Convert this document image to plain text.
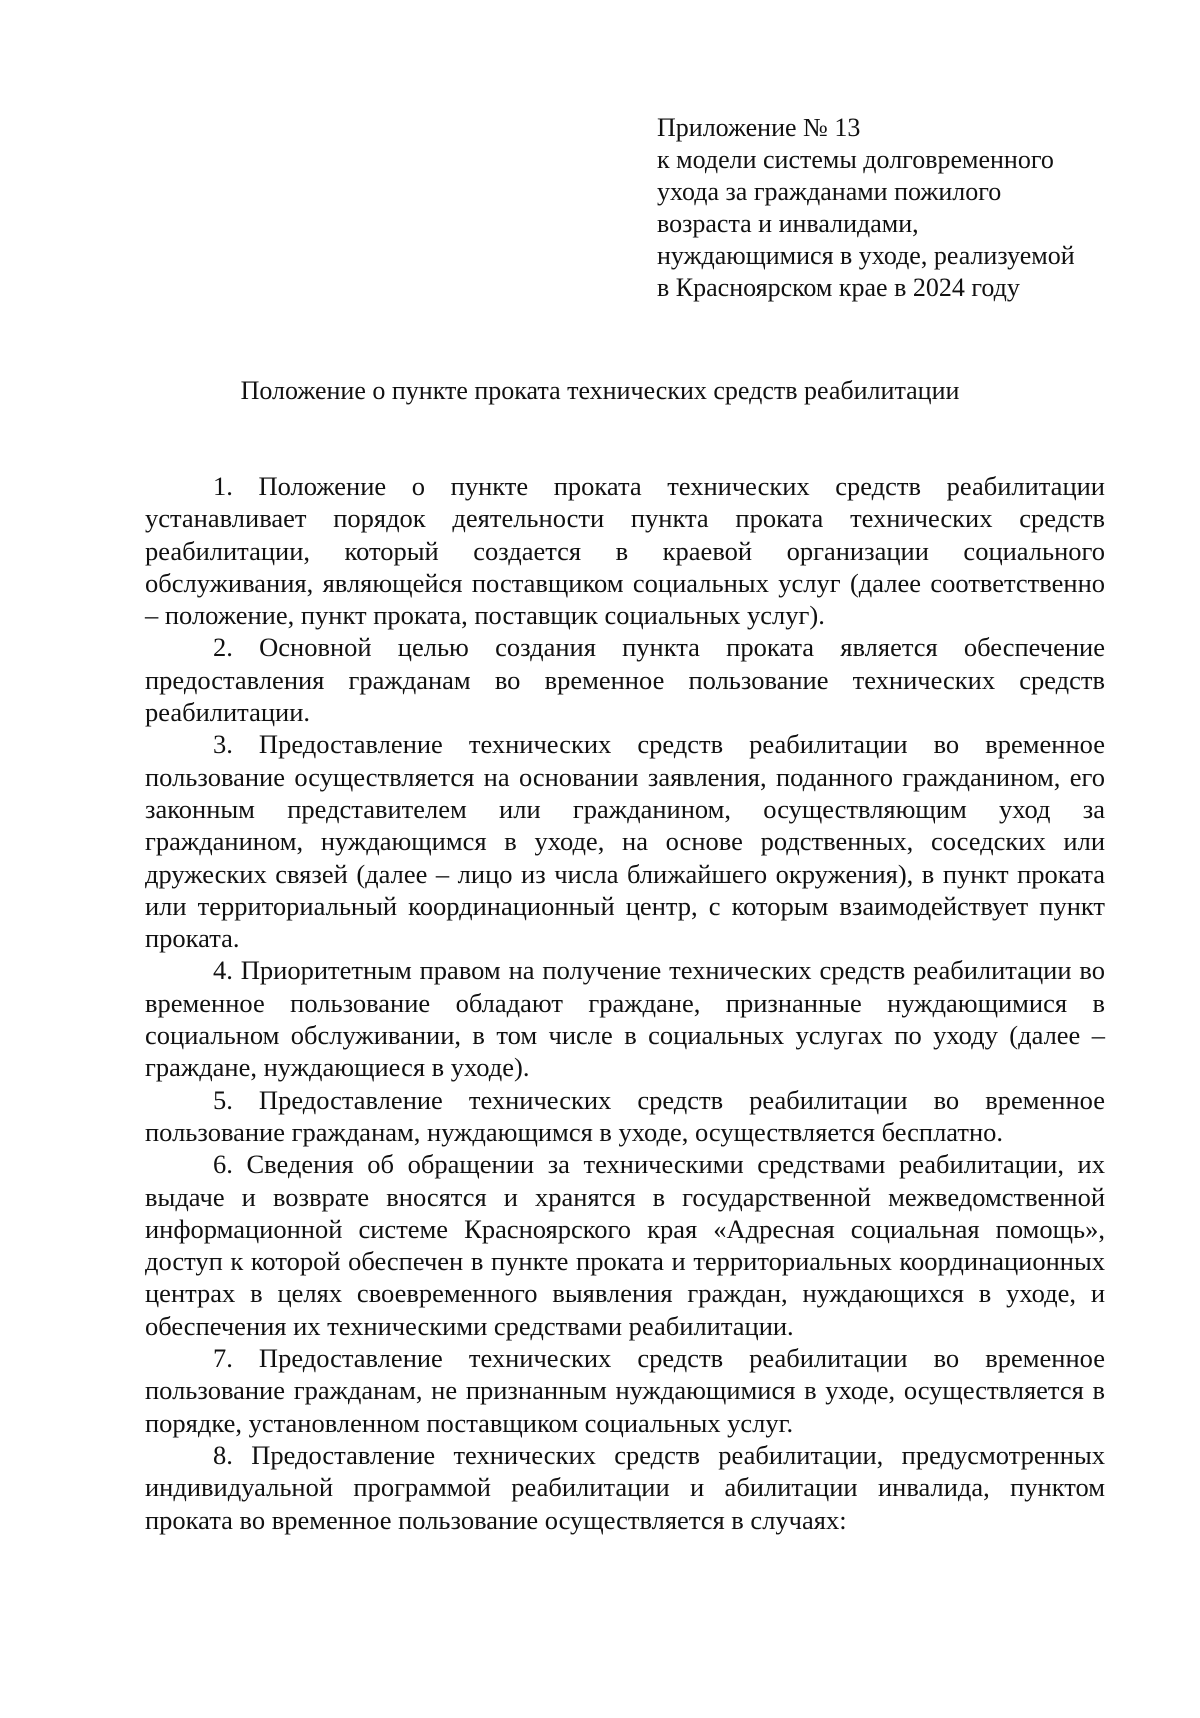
Приложение № 13
к модели системы долговременного
ухода за гражданами пожилого
возраста и инвалидами,
нуждающимися в уходе, реализуемой
в Красноярском крае в 2024 году
Положение о пункте проката технических средств реабилитации

1. Положение о пункте проката технических средств реабилитации устанавливает порядок деятельности пункта проката технических средств реабилитации, который создается в краевой организации социального обслуживания, являющейся поставщиком социальных услуг (далее соответственно – положение, пункт проката, поставщик социальных услуг).

2. Основной целью создания пункта проката является обеспечение предоставления гражданам во временное пользование технических средств реабилитации.

3. Предоставление технических средств реабилитации во временное пользование осуществляется на основании заявления, поданного гражданином, его законным представителем или гражданином, осуществляющим уход за гражданином, нуждающимся в уходе, на основе родственных, соседских или дружеских связей (далее – лицо из числа ближайшего окружения), в пункт проката или территориальный координационный центр, с которым взаимодействует пункт проката.

4. Приоритетным правом на получение технических средств реабилитации во временное пользование обладают граждане, признанные нуждающимися в социальном обслуживании, в том числе в социальных услугах по уходу (далее – граждане, нуждающиеся в уходе).

5. Предоставление технических средств реабилитации во временное пользование гражданам, нуждающимся в уходе, осуществляется бесплатно.

6. Сведения об обращении за техническими средствами реабилитации, их выдаче и возврате вносятся и хранятся в государственной межведомственной информационной системе Красноярского края «Адресная социальная помощь», доступ к которой обеспечен в пункте проката и территориальных координационных центрах в целях своевременного выявления граждан, нуждающихся в уходе, и обеспечения их техническими средствами реабилитации.

7. Предоставление технических средств реабилитации во временное пользование гражданам, не признанным нуждающимися в уходе, осуществляется в порядке, установленном поставщиком социальных услуг.

8. Предоставление технических средств реабилитации, предусмотренных индивидуальной программой реабилитации и абилитации инвалида, пунктом проката во временное пользование осуществляется в случаях:
